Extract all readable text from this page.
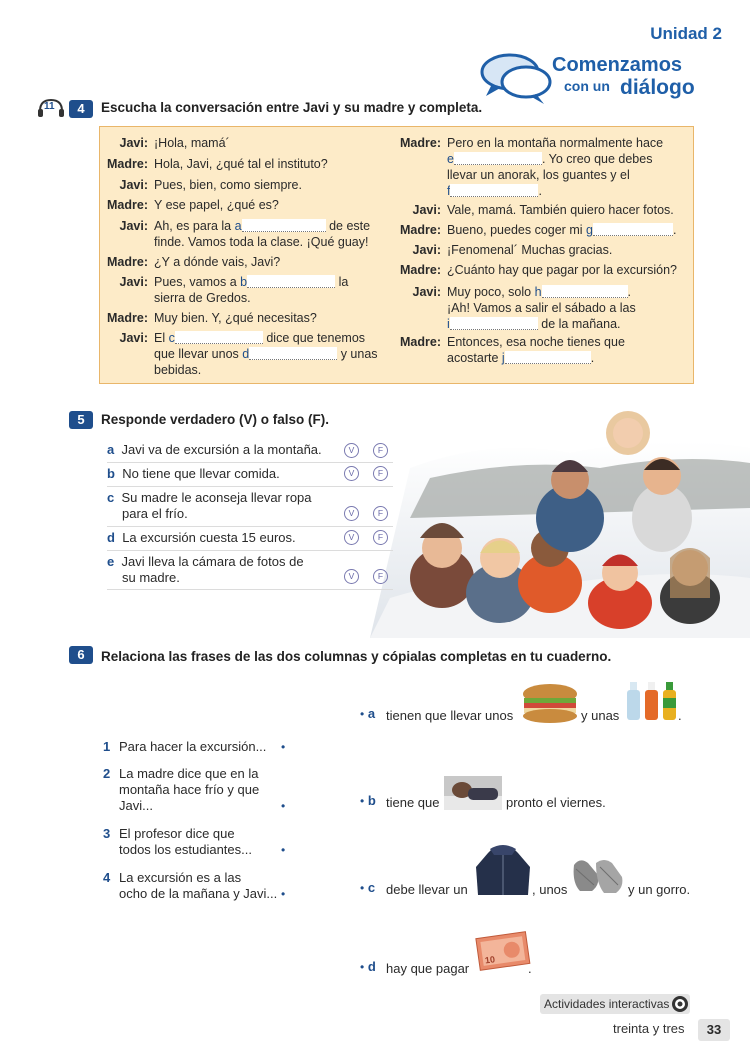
Unidad 2
Comenzamos
con un diálogo
11	4	Escucha la conversación entre Javi y su madre y completa.
Javi: ¡Hola, mamá´
Madre: Hola, Javi, ¿qué tal el instituto?
Javi: Pues, bien, como siempre.
Madre: Y ese papel, ¿qué es?
Javi: Ah, es para la a	de este
finde. Vamos toda la clase. ¡Qué guay!
Madre: ¿Y a dónde vais, Javi?
Javi: Pues, vamos a b	la
sierra de Gredos.
Madre: Muy bien. Y, ¿qué necesitas?
Javi: El c	dice que tenemos
que llevar unos d	y unas
bebidas.
Madre: Pero en la montaña normalmente hace
e	. Yo creo que debes
llevar un anorak, los guantes y el
f	.
Javi: Vale, mamá. También quiero hacer fotos.
Madre: Bueno, puedes coger mi g	.
Javi: ¡Fenomenal´ Muchas gracias.
Madre: ¿Cuánto hay que pagar por la excursión?
Javi: Muy poco, solo h	.
¡Ah! Vamos a salir el sábado a las
i	de la mañana.
Madre: Entonces, esa noche tienes que
acostarte j	.
5	Responde verdadero (V) o falso (F).
a Javi va de excursión a la montaña.	V	F
b No tiene que llevar comida.	V	F
c Su madre le aconseja llevar ropa
para el frío.	V	F
d La excursión cuesta 15 euros.	V	F
e Javi lleva la cámara de fotos de
su madre.	V	F
6	Relaciona las frases de las dos columnas y cópialas completas en tu cuaderno.
1 Para hacer la excursión... •
2 La madre dice que en la
montaña hace frío y que
Javi...	•
3 El profesor dice que
todos los estudiantes... •
4 La excursión es a las
ocho de la mañana y Javi... •
• a tienen que llevar unos	y unas	.
• b tiene que	pronto el viernes.
• c debe llevar un	, unos	y un gorro.
• d hay que pagar	.
10
Actividades interactivas
treinta y tres	33
